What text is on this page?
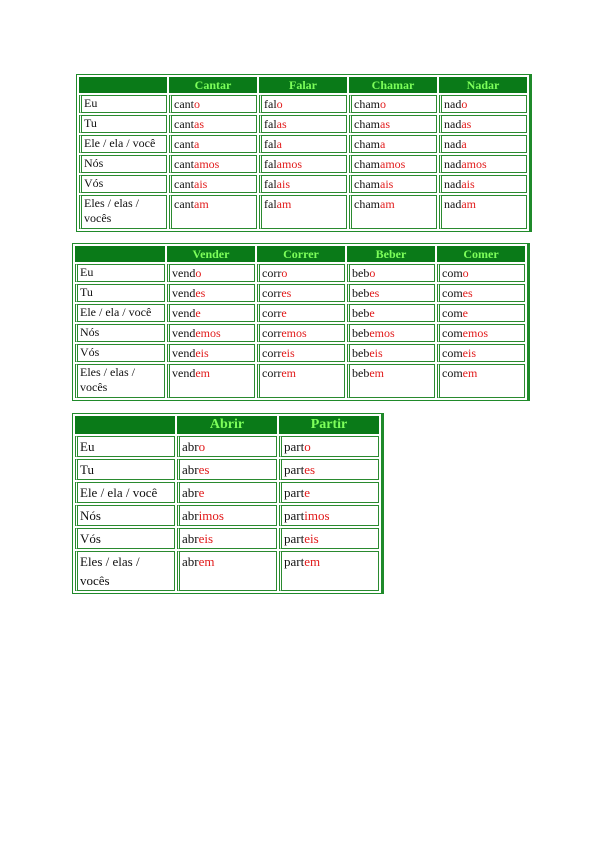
	Cantar	Falar	Chamar	Nadar
Eu	canto	falo	chamo	nado
Tu	cantas	falas	chamas	nadas
Ele / ela / você	canta	fala	chama	nada
Nós	cantamos	falamos	chamamos	nadamos
Vós	cantais	falais	chamais	nadais
Eles / elas / vocês	cantam	falam	chamam	nadam
	Vender	Correr	Beber	Comer
Eu	vendo	corro	bebo	como
Tu	vendes	corres	bebes	comes
Ele / ela / você	vende	corre	bebe	come
Nós	vendemos	corremos	bebemos	comemos
Vós	vendeis	correis	bebeis	comeis
Eles / elas / vocês	vendem	correm	bebem	comem
	Abrir	Partir
Eu	abro	parto
Tu	abres	partes
Ele / ela / você	abre	parte
Nós	abrimos	partimos
Vós	abreis	parteis
Eles / elas / vocês	abrem	partem
